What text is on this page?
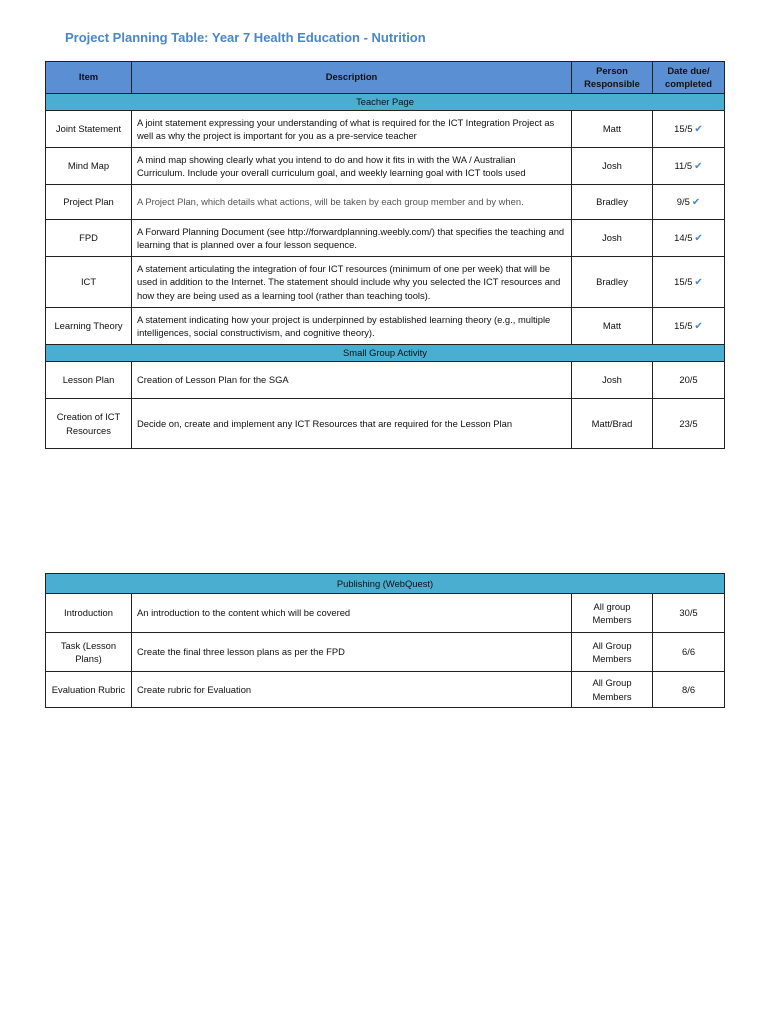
Project Planning Table: Year 7 Health Education - Nutrition
Item	Description	Person Responsible	Date due/ completed
Teacher Page			
Joint Statement	A joint statement expressing your understanding of what is required for the ICT Integration Project as well as why the project is important for you as a pre-service teacher	Matt	15/5 ✔
Mind Map	A mind map showing clearly what you intend to do and how it fits in with the WA / Australian Curriculum. Include your overall curriculum goal, and weekly learning goal with ICT tools used	Josh	11/5 ✔
Project Plan	A Project Plan, which details what actions, will be taken by each group member and by when.	Bradley	9/5 ✔
FPD	A Forward Planning Document (see http://forwardplanning.weebly.com/) that specifies the teaching and learning that is planned over a four lesson sequence.	Josh	14/5 ✔
ICT	A statement articulating the integration of four ICT resources (minimum of one per week) that will be used in addition to the Internet. The statement should include why you selected the ICT resources and how they are being used as a learning tool (rather than teaching tools).	Bradley	15/5 ✔
Learning Theory	A statement indicating how your project is underpinned by established learning theory (e.g., multiple intelligences, social constructivism, and cognitive theory).	Matt	15/5 ✔
Small Group Activity			
Lesson Plan	Creation of Lesson Plan for the SGA	Josh	20/5
Creation of ICT Resources	Decide on, create and implement any ICT Resources that are required for the Lesson Plan	Matt/Brad	23/5
Publishing (WebQuest)			
Introduction	An introduction to the content which will be covered	All group Members	30/5
Task (Lesson Plans)	Create the final three lesson plans as per the FPD	All Group Members	6/6
Evaluation Rubric	Create rubric for Evaluation	All Group Members	8/6
